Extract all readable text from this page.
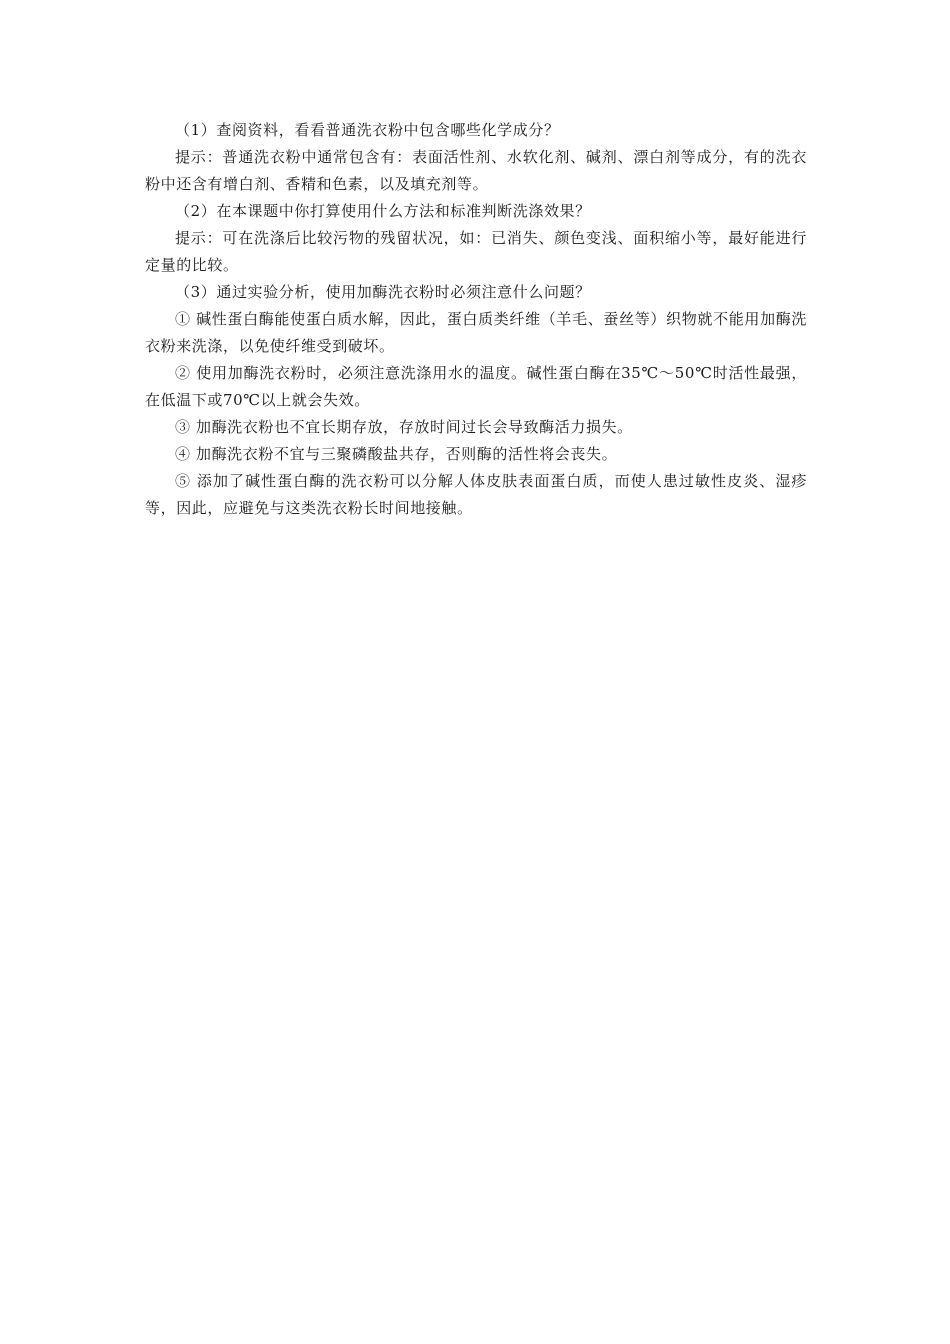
（1）查阅资料，看看普通洗衣粉中包含哪些化学成分？

提示：普通洗衣粉中通常包含有：表面活性剂、水软化剂、碱剂、漂白剂等成分，有的洗衣粉中还含有增白剂、香精和色素，以及填充剂等。

（2）在本课题中你打算使用什么方法和标准判断洗涤效果？

提示：可在洗涤后比较污物的残留状况，如：已消失、颜色变浅、面积缩小等，最好能进行定量的比较。

（3）通过实验分析，使用加酶洗衣粉时必须注意什么问题？

① 碱性蛋白酶能使蛋白质水解，因此，蛋白质类纤维（羊毛、蚕丝等）织物就不能用加酶洗衣粉来洗涤，以免使纤维受到破坏。

② 使用加酶洗衣粉时，必须注意洗涤用水的温度。碱性蛋白酶在35℃～50℃时活性最强，在低温下或70℃以上就会失效。

③ 加酶洗衣粉也不宜长期存放，存放时间过长会导致酶活力损失。

④ 加酶洗衣粉不宜与三聚磷酸盐共存，否则酶的活性将会丧失。

⑤ 添加了碱性蛋白酶的洗衣粉可以分解人体皮肤表面蛋白质，而使人患过敏性皮炎、湿疹等，因此，应避免与这类洗衣粉长时间地接触。
